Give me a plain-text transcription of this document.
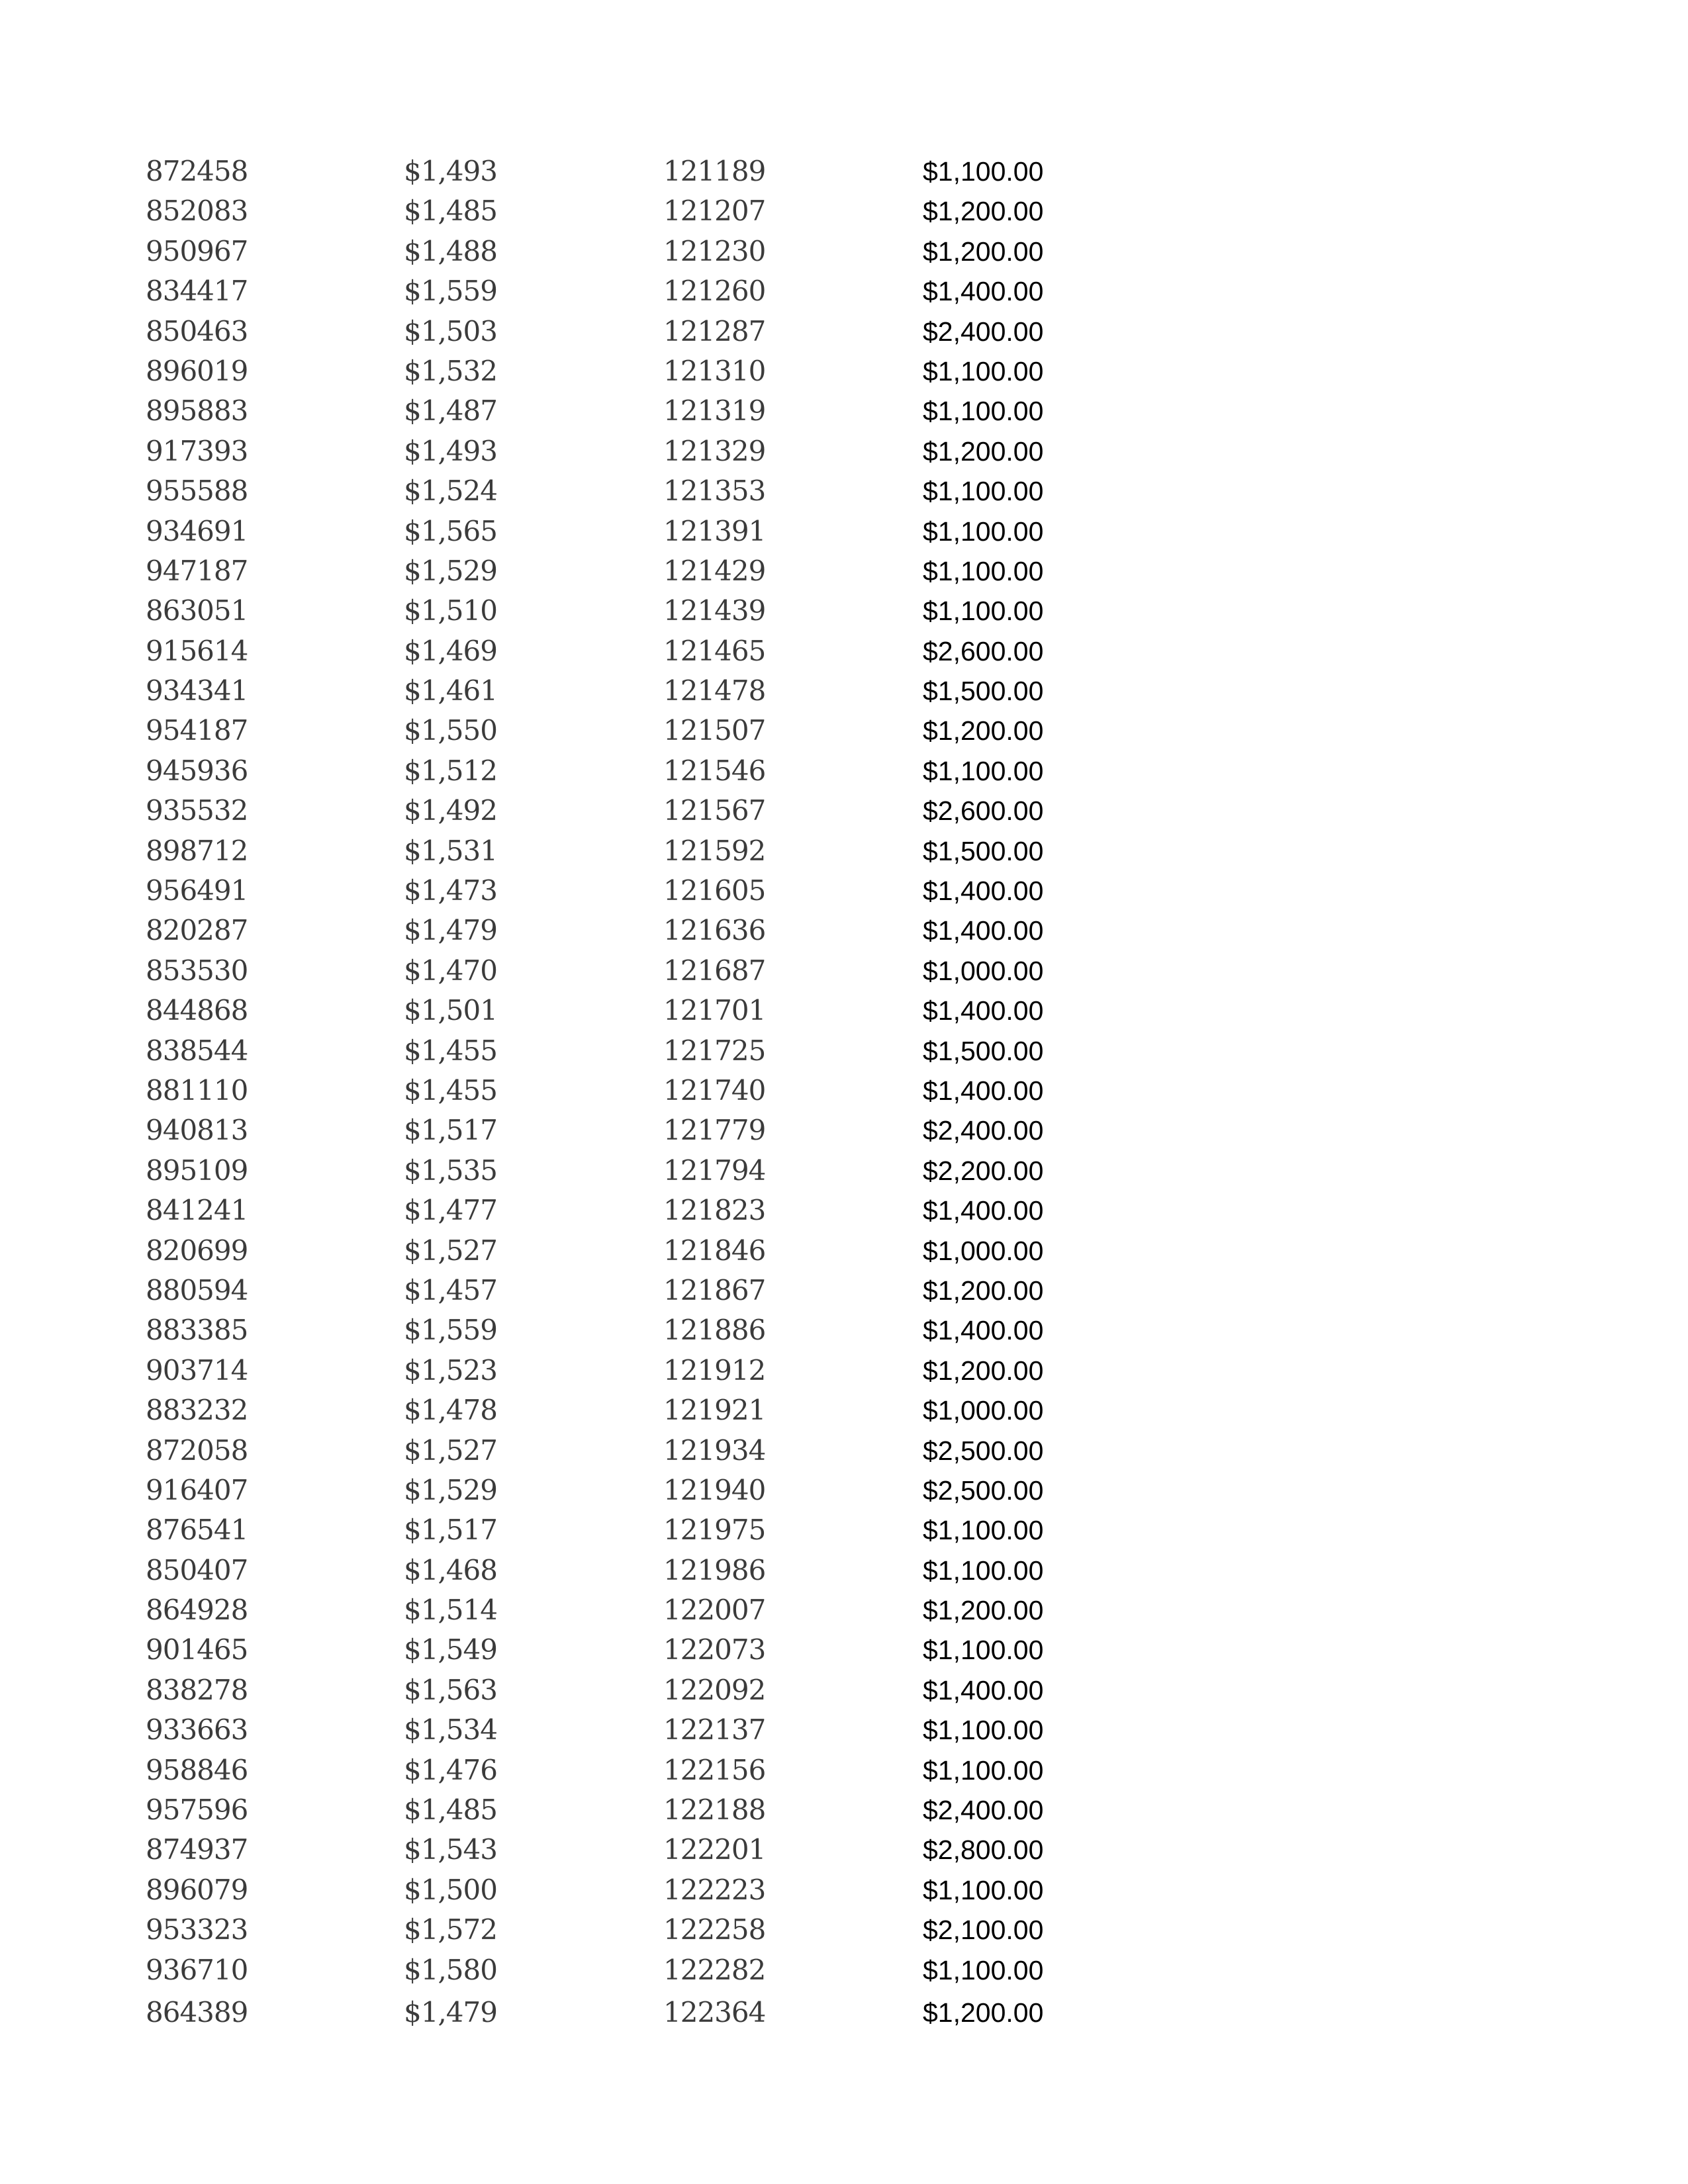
872458	$1,493	121189	$1,100.00
852083	$1,485	121207	$1,200.00
950967	$1,488	121230	$1,200.00
834417	$1,559	121260	$1,400.00
850463	$1,503	121287	$2,400.00
896019	$1,532	121310	$1,100.00
895883	$1,487	121319	$1,100.00
917393	$1,493	121329	$1,200.00
955588	$1,524	121353	$1,100.00
934691	$1,565	121391	$1,100.00
947187	$1,529	121429	$1,100.00
863051	$1,510	121439	$1,100.00
915614	$1,469	121465	$2,600.00
934341	$1,461	121478	$1,500.00
954187	$1,550	121507	$1,200.00
945936	$1,512	121546	$1,100.00
935532	$1,492	121567	$2,600.00
898712	$1,531	121592	$1,500.00
956491	$1,473	121605	$1,400.00
820287	$1,479	121636	$1,400.00
853530	$1,470	121687	$1,000.00
844868	$1,501	121701	$1,400.00
838544	$1,455	121725	$1,500.00
881110	$1,455	121740	$1,400.00
940813	$1,517	121779	$2,400.00
895109	$1,535	121794	$2,200.00
841241	$1,477	121823	$1,400.00
820699	$1,527	121846	$1,000.00
880594	$1,457	121867	$1,200.00
883385	$1,559	121886	$1,400.00
903714	$1,523	121912	$1,200.00
883232	$1,478	121921	$1,000.00
872058	$1,527	121934	$2,500.00
916407	$1,529	121940	$2,500.00
876541	$1,517	121975	$1,100.00
850407	$1,468	121986	$1,100.00
864928	$1,514	122007	$1,200.00
901465	$1,549	122073	$1,100.00
838278	$1,563	122092	$1,400.00
933663	$1,534	122137	$1,100.00
958846	$1,476	122156	$1,100.00
957596	$1,485	122188	$2,400.00
874937	$1,543	122201	$2,800.00
896079	$1,500	122223	$1,100.00
953323	$1,572	122258	$2,100.00
936710	$1,580	122282	$1,100.00
864389	$1,479	122364	$1,200.00
